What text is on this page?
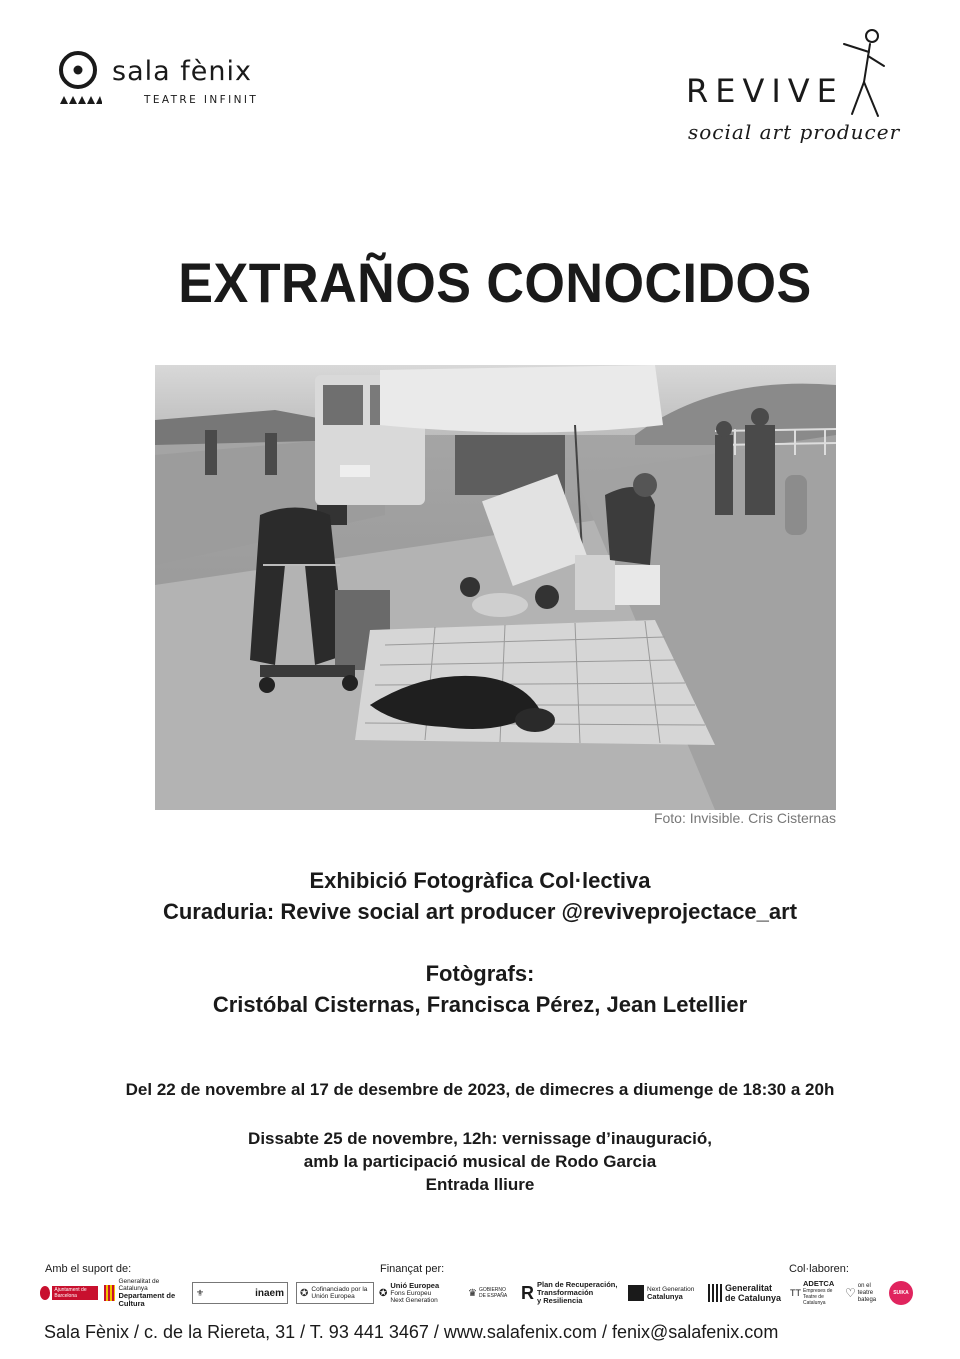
sala fènix
TEATRE INFINIT	REVIVE
social art producer
EXTRAÑOS CONOCIDOS
Foto: Invisible. Cris Cisternas
Exhibició Fotogràfica Col·lectiva
Curaduria: Revive social art producer @reviveprojectace_art
Fotògrafs:
Cristóbal Cisternas, Francisca Pérez, Jean Letellier
Del 22 de novembre al 17 de desembre de 2023, de dimecres a diumenge de 18:30 a 20h
Dissabte 25 de novembre, 12h: vernissage d’inauguració,
amb la participació musical de Rodo Garcia
Entrada lliure
Amb el suport de:	Finançat per:	Col·laboren:
Ajuntament de Barcelona
Generalitat de Catalunya
Departament de Cultura
⚜	inaem ✪ Cofinanciado por la Unión Europea	✪
Unió Europea
Fons Europeu
Next Generation
♛ GOBIERNO DE ESPAÑA R Plan de Recuperación,
Transformación
y Resiliencia
Next Generation
Catalunya
Generalitat
de Catalunya
TT
ADETCA
Empreses de Teatre de Catalunya
♡ on el teatre batega
SUIKA
Sala Fènix / c. de la Riereta, 31 / T. 93 441 3467 / www.salafenix.com / fenix@salafenix.com
